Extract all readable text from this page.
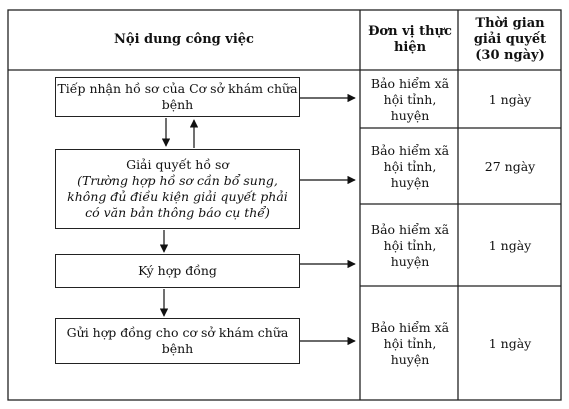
Nội dung công việc
Đơn vị thực hiện
Thời gian giải quyết (30 ngày)
Tiếp nhận hồ sơ của Cơ sở khám chữa bệnh
Giải quyết hồ sơ
(Trường hợp hồ sơ cần bổ sung, không đủ điều kiện giải quyết phải có văn bản thông báo cụ thể)
Ký hợp đồng
Gửi hợp đồng cho cơ sở khám chữa bệnh
Bảo hiểm xã hội tỉnh, huyện
Bảo hiểm xã hội tỉnh, huyện
Bảo hiểm xã hội tỉnh, huyện
Bảo hiểm xã hội tỉnh, huyện
1 ngày
27 ngày
1 ngày
1 ngày
